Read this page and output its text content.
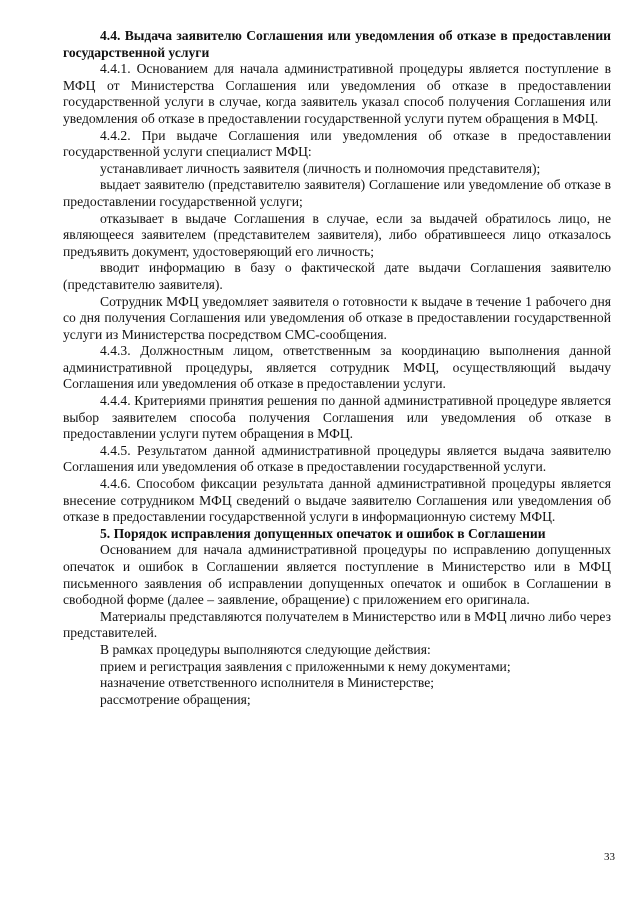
4.4. Выдача заявителю Соглашения или уведомления об отказе в предоставлении государственной услуги

4.4.1. Основанием для начала административной процедуры является поступление в МФЦ от Министерства Соглашения или уведомления об отказе в предоставлении государственной услуги в случае, когда заявитель указал способ получения Соглашения или уведомления об отказе в предоставлении государственной услуги путем обращения в МФЦ.

4.4.2. При выдаче Соглашения или уведомления об отказе в предоставлении государственной услуги специалист МФЦ:

устанавливает личность заявителя (личность и полномочия представителя);

выдает заявителю (представителю заявителя) Соглашение или уведомление об отказе в предоставлении государственной услуги;

отказывает в выдаче Соглашения в случае, если за выдачей обратилось лицо, не являющееся заявителем (представителем заявителя), либо обратившееся лицо отказалось предъявить документ, удостоверяющий его личность;

вводит информацию в базу о фактической дате выдачи Соглашения заявителю (представителю заявителя).

Сотрудник МФЦ уведомляет заявителя о готовности к выдаче в течение 1 рабочего дня со дня получения Соглашения или уведомления об отказе в предоставлении государственной услуги из Министерства посредством СМС-сообщения.

4.4.3. Должностным лицом, ответственным за координацию выполнения данной административной процедуры, является сотрудник МФЦ, осуществляющий выдачу Соглашения или уведомления об отказе в предоставлении услуги.

4.4.4. Критериями принятия решения по данной административной процедуре является выбор заявителем способа получения Соглашения или уведомления об отказе в предоставлении услуги путем обращения в МФЦ.

4.4.5. Результатом данной административной процедуры является выдача заявителю Соглашения или уведомления об отказе в предоставлении государственной услуги.

4.4.6. Способом фиксации результата данной административной процедуры является внесение сотрудником МФЦ сведений о выдаче заявителю Соглашения или уведомления об отказе в предоставлении государственной услуги в информационную систему МФЦ.

5. Порядок исправления допущенных опечаток и ошибок в Соглашении

Основанием для начала административной процедуры по исправлению допущенных опечаток и ошибок в Соглашении является поступление в Министерство или в МФЦ письменного заявления об исправлении допущенных опечаток и ошибок в Соглашении в свободной форме (далее – заявление, обращение) с приложением его оригинала.

Материалы представляются получателем в Министерство или в МФЦ лично либо через представителей.

В рамках процедуры выполняются следующие действия:

прием и регистрация заявления с приложенными к нему документами;

назначение ответственного исполнителя в Министерстве;

рассмотрение обращения;

33
